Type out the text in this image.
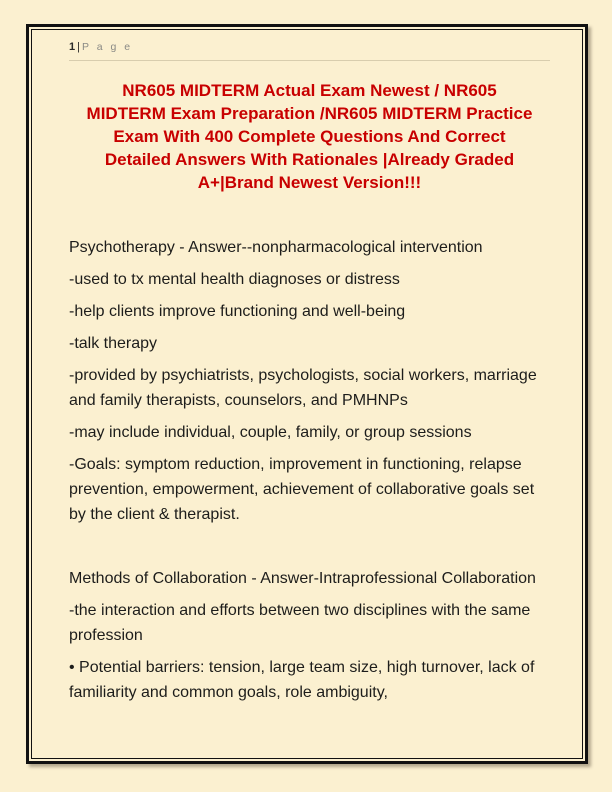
1| P a g e
NR605 MIDTERM Actual Exam Newest / NR605 MIDTERM Exam Preparation /NR605 MIDTERM Practice Exam With 400 Complete Questions And Correct Detailed Answers With Rationales |Already Graded A+|Brand Newest Version!!!

Psychotherapy - Answer--nonpharmacological intervention

-used to tx mental health diagnoses or distress

-help clients improve functioning and well-being

-talk therapy

-provided by psychiatrists, psychologists, social workers, marriage and family therapists, counselors, and PMHNPs

-may include individual, couple, family, or group sessions

-Goals: symptom reduction, improvement in functioning, relapse prevention, empowerment, achievement of collaborative goals set by the client & therapist.

Methods of Collaboration - Answer-Intraprofessional Collaboration

-the interaction and efforts between two disciplines with the same profession

• Potential barriers: tension, large team size, high turnover, lack of familiarity and common goals, role ambiguity,
